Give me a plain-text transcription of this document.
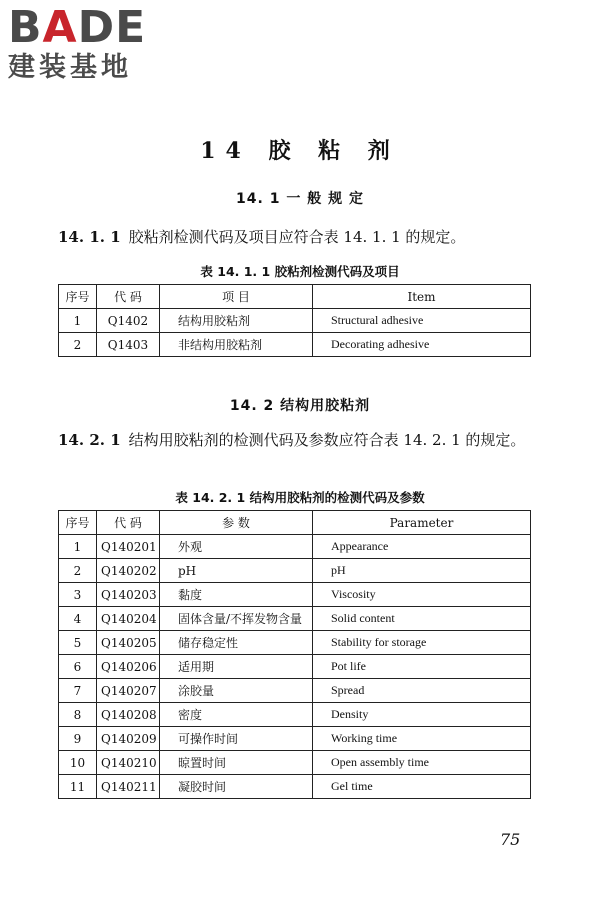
BADE
建装基地
14 胶 粘 剂
14. 1 一 般 规 定
14. 1. 1 胶粘剂检测代码及项目应符合表 14. 1. 1 的规定。
表 14. 1. 1 胶粘剂检测代码及项目
序号	代 码	项 目	Item
1	Q1402	结构用胶粘剂	Structural adhesive
2	Q1403	非结构用胶粘剂	Decorating adhesive
14. 2 结构用胶粘剂
14. 2. 1 结构用胶粘剂的检测代码及参数应符合表 14. 2. 1 的规定。
表 14. 2. 1 结构用胶粘剂的检测代码及参数
序号	代 码	参 数	Parameter
1	Q140201	外观	Appearance
2	Q140202	pH	pH
3	Q140203	黏度	Viscosity
4	Q140204	固体含量/不挥发物含量	Solid content
5	Q140205	储存稳定性	Stability for storage
6	Q140206	适用期	Pot life
7	Q140207	涂胶量	Spread
8	Q140208	密度	Density
9	Q140209	可操作时间	Working time
10	Q140210	晾置时间	Open assembly time
11	Q140211	凝胶时间	Gel time
75
